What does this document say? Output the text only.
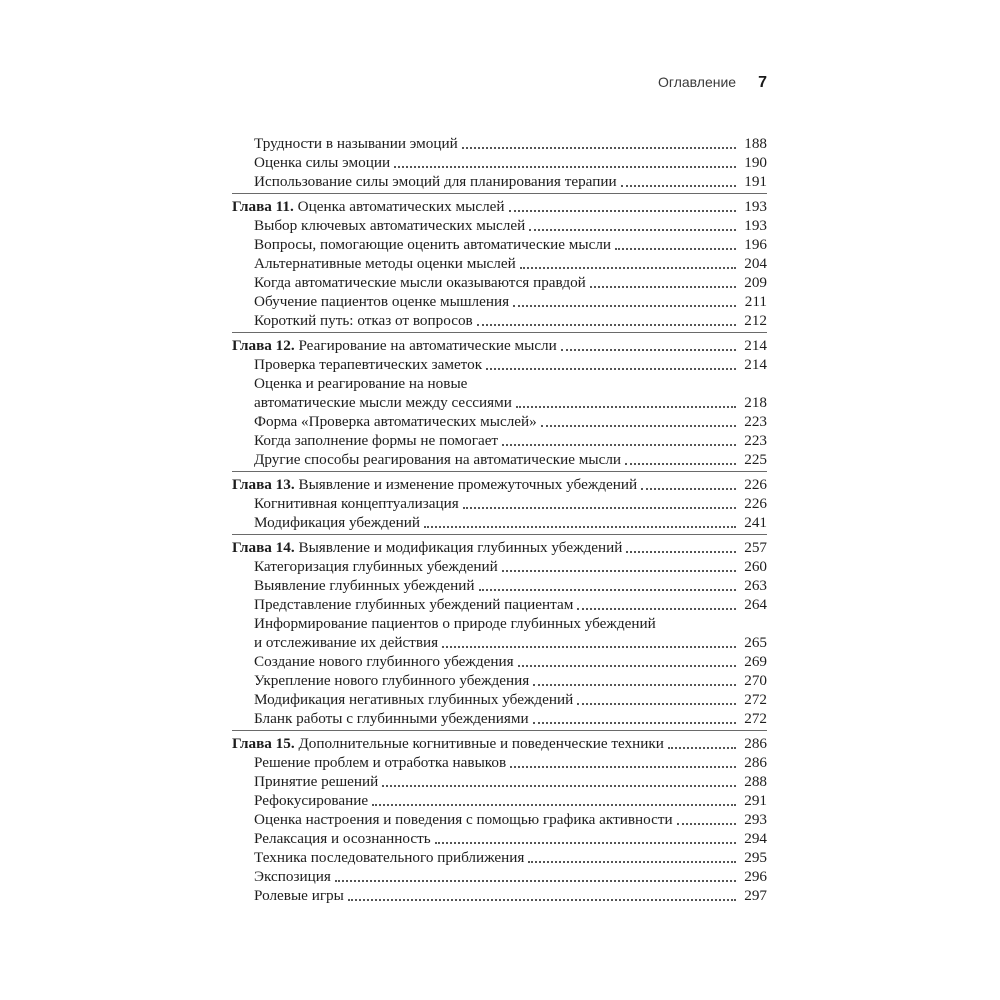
Оглавление 7
Трудности в назывании эмоций	188
Оценка силы эмоции	190
Использование силы эмоций для планирования терапии	191
Глава 11. Оценка автоматических мыслей	193
Выбор ключевых автоматических мыслей	193
Вопросы, помогающие оценить автоматические мысли	196
Альтернативные методы оценки мыслей	204
Когда автоматические мысли оказываются правдой	209
Обучение пациентов оценке мышления	211
Короткий путь: отказ от вопросов	212
Глава 12. Реагирование на автоматические мысли	214
Проверка терапевтических заметок	214
Оценка и реагирование на новые
автоматические мысли между сессиями	218
Форма «Проверка автоматических мыслей»	223
Когда заполнение формы не помогает	223
Другие способы реагирования на автоматические мысли	225
Глава 13. Выявление и изменение промежуточных убеждений	226
Когнитивная концептуализация	226
Модификация убеждений	241
Глава 14. Выявление и модификация глубинных убеждений	257
Категоризация глубинных убеждений	260
Выявление глубинных убеждений	263
Представление глубинных убеждений пациентам	264
Информирование пациентов о природе глубинных убеждений
и отслеживание их действия	265
Создание нового глубинного убеждения	269
Укрепление нового глубинного убеждения	270
Модификация негативных глубинных убеждений	272
Бланк работы с глубинными убеждениями	272
Глава 15. Дополнительные когнитивные и поведенческие техники	286
Решение проблем и отработка навыков	286
Принятие решений	288
Рефокусирование	291
Оценка настроения и поведения с помощью графика активности	293
Релаксация и осознанность	294
Техника последовательного приближения	295
Экспозиция	296
Ролевые игры	297
